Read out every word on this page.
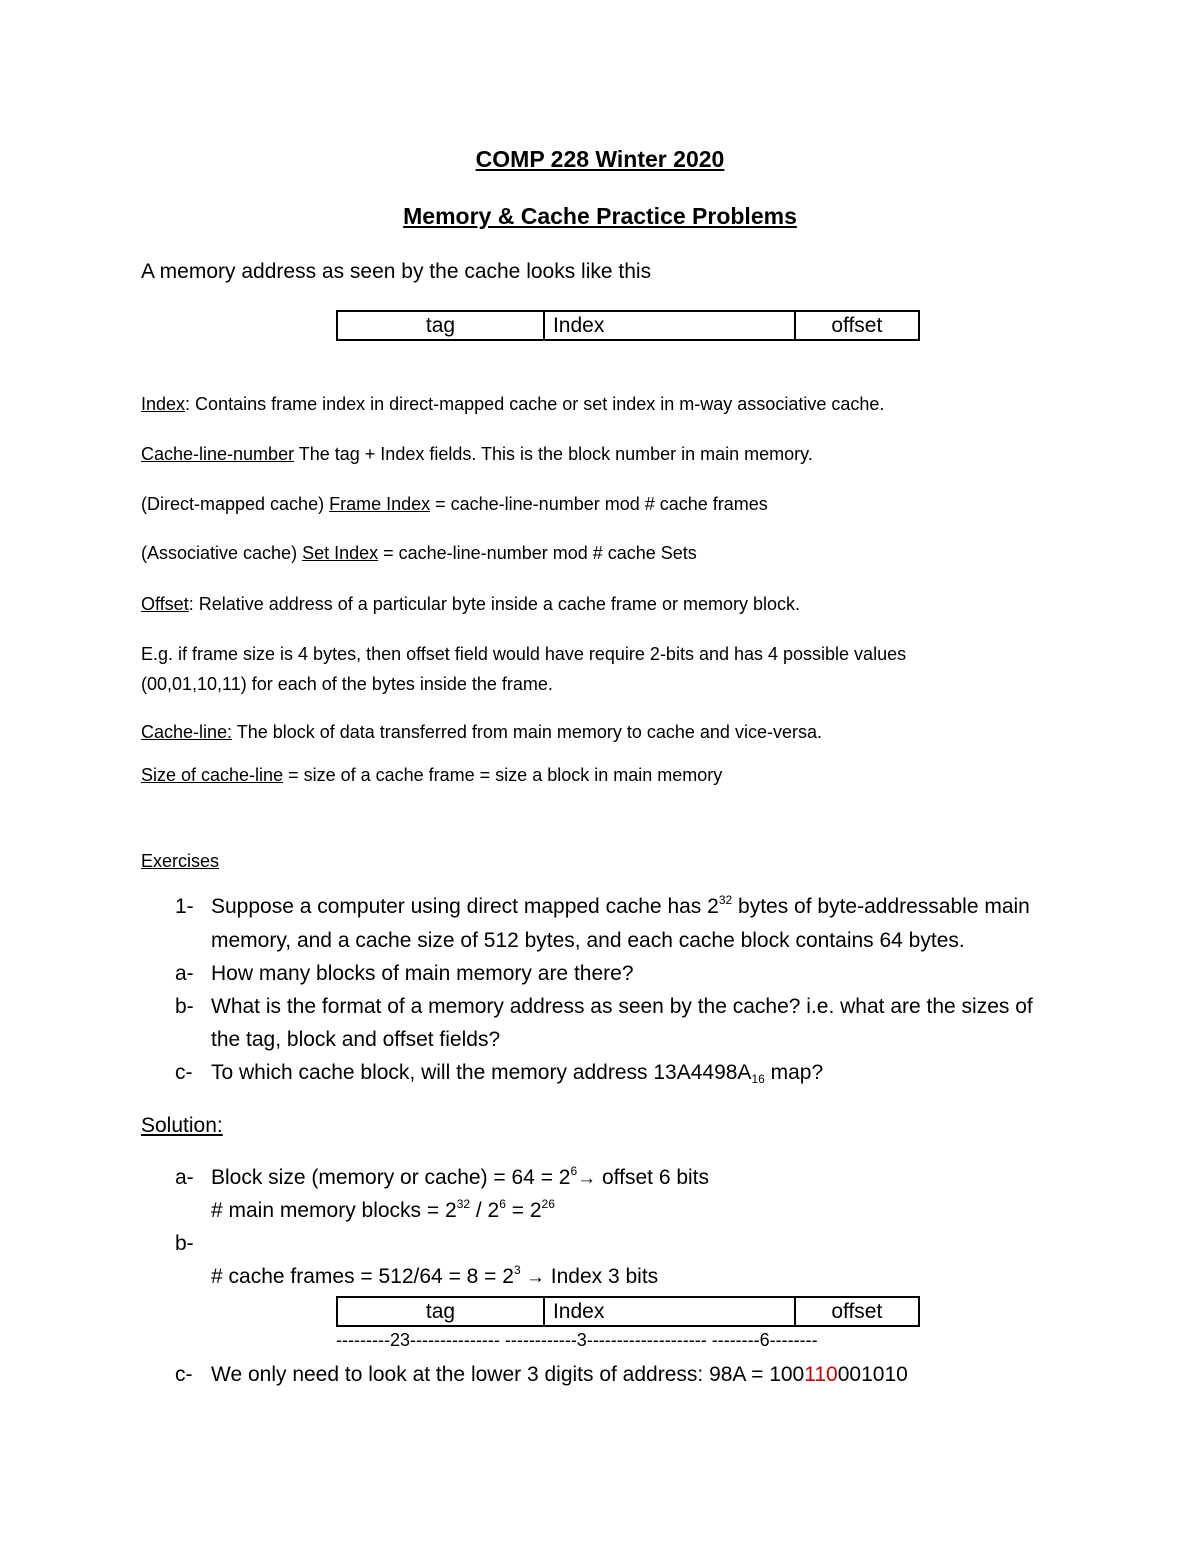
COMP 228 Winter 2020
Memory & Cache Practice Problems
A memory address as seen by the cache looks like this
tag	Index	offset
Index: Contains frame index in direct-mapped cache or set index in m-way associative cache.
Cache-line-number The tag + Index fields. This is the block number in main memory.
(Direct-mapped cache) Frame Index = cache-line-number mod # cache frames
(Associative cache) Set Index = cache-line-number mod # cache Sets
Offset: Relative address of a particular byte inside a cache frame or memory block.
E.g. if frame size is 4 bytes, then offset field would have require 2-bits and has 4 possible values
(00,01,10,11) for each of the bytes inside the frame.
Cache-line: The block of data transferred from main memory to cache and vice-versa.
Size of cache-line = size of a cache frame = size a block in main memory
Exercises
1- Suppose a computer using direct mapped cache has $2^{32}$ bytes of byte-addressable main
memory, and a cache size of 512 bytes, and each cache block contains 64 bytes.
a- How many blocks of main memory are there?
b- What is the format of a memory address as seen by the cache? i.e. what are the sizes of
the tag, block and offset fields?
c- To which cache block, will the memory address $13A4498A_{16}$ map?
Solution:
a- Block size (memory or cache) = $64 = 2^6\to$ offset 6 bits
# main memory blocks = $2^{32} / 2^6 = 2^{26}$
b-
# cache frames = $512/64 = 8 = 2^3$ → Index 3 bits
tag	Index	offset
---------23--------------- ------------3-------------------- --------6--------
c- We only need to look at the lower 3 digits of address: 98A = 100110001010
